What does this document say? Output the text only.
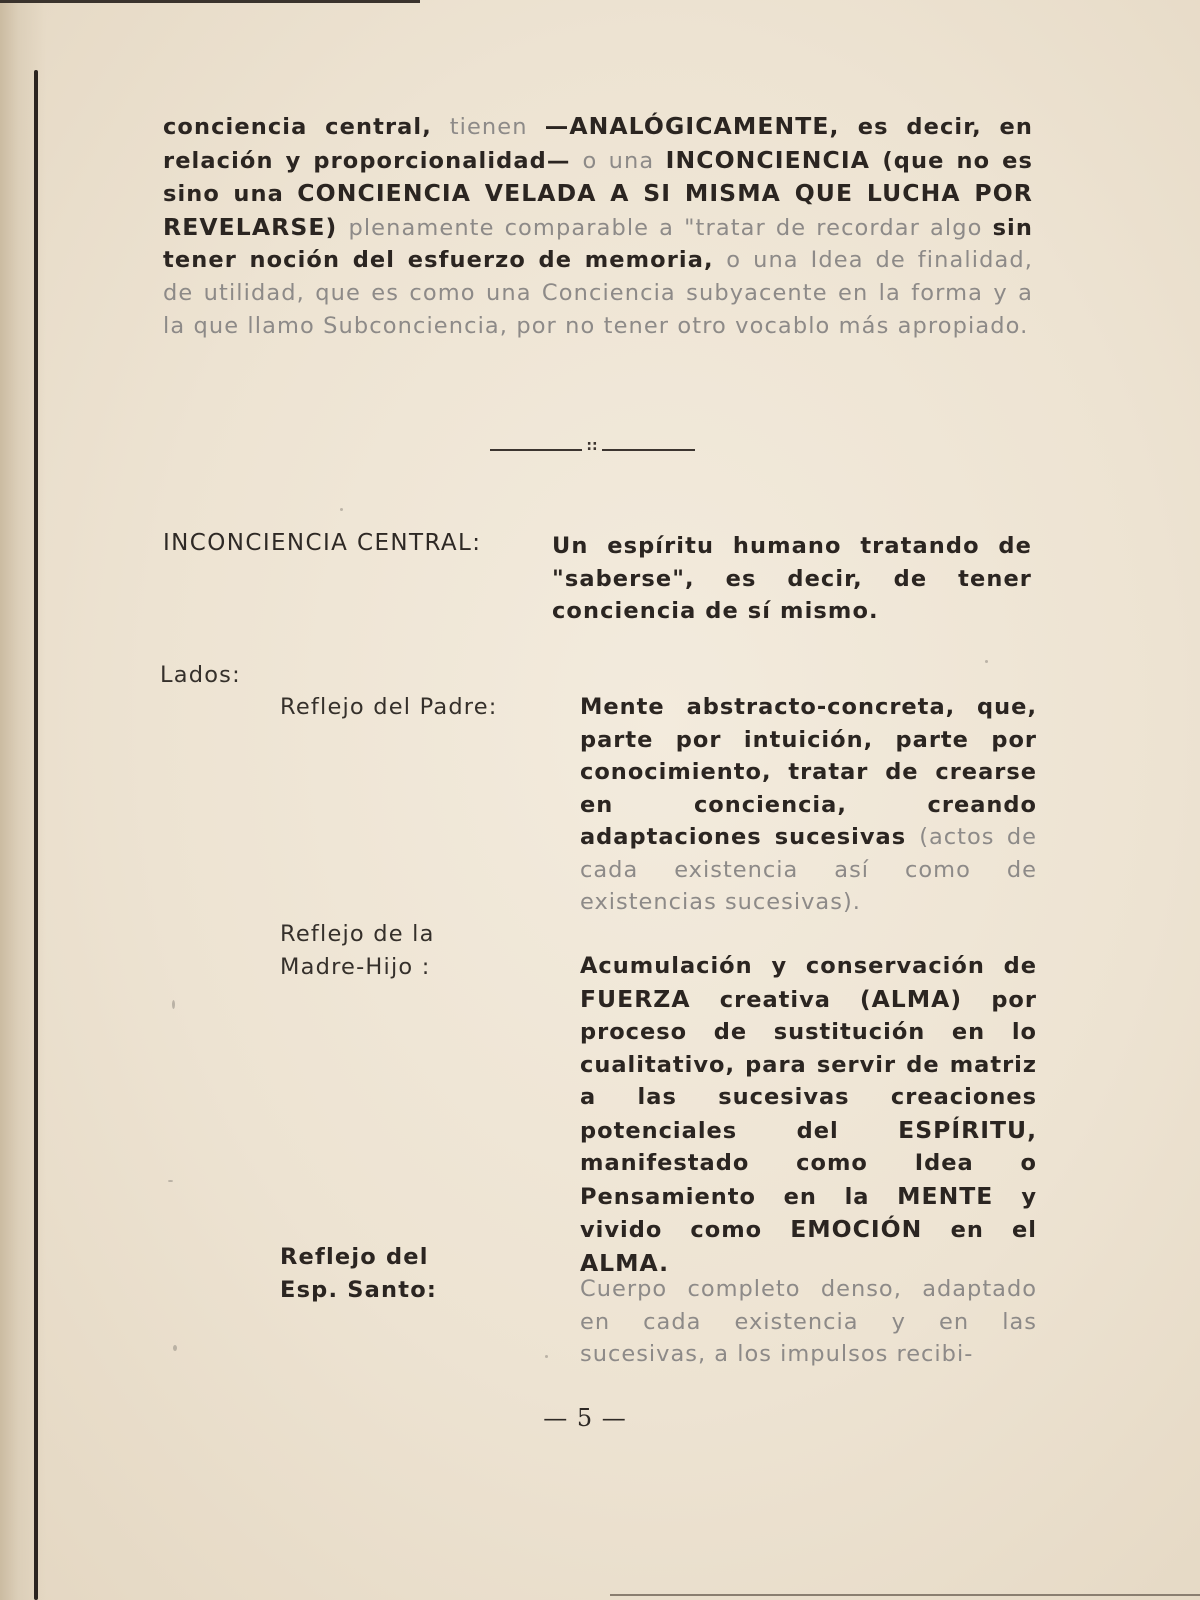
conciencia central, tienen —ANALÓGICAMENTE, es decir, en relación y proporcionalidad— o una INCONCIENCIA (que no es sino una CONCIENCIA VELADA A SI MISMA QUE LUCHA POR REVELARSE) plenamente comparable a "tratar de recordar algo sin tener noción del esfuerzo de memoria, o una Idea de finalidad, de utilidad, que es como una Conciencia subyacente en la forma y a la que llamo Subconciencia, por no tener otro vocablo más apropiado.

::
INCONCIENCIA CENTRAL:	Un espíritu humano tratando de "saberse", es decir, de tener conciencia de sí mismo.
Lados:
Reflejo del Padre:	Mente abstracto-concreta, que, parte por intuición, parte por conocimiento, tratar de crearse en conciencia, creando adaptaciones sucesivas (actos de cada existencia así como de existencias sucesivas).
Reflejo de la
Madre-Hijo :	Acumulación y conservación de FUERZA creativa (ALMA) por proceso de sustitución en lo cualitativo, para servir de matriz a las sucesivas creaciones potenciales del ESPÍRITU, manifestado como Idea o Pensamiento en la MENTE y vivido como EMOCIÓN en el ALMA.
Reflejo del
Esp. Santo:	Cuerpo completo denso, adaptado en cada existencia y en las sucesivas, a los impulsos recibi-
— 5 —
